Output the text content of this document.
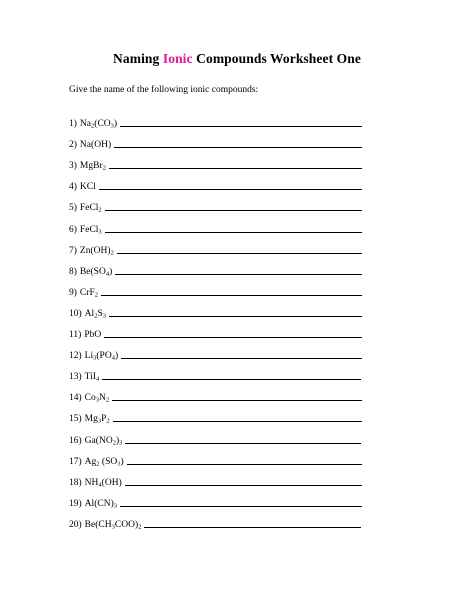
Naming Ionic Compounds Worksheet One
Give the name of the following ionic compounds:
1) $Na_2(CO_3)$
2) Na(OH)
3) MgBr$_2$
4) KCl
5) FeCl$_2$
6) FeCl$_3$
7) $Zn(OH)_2$
8) $Be(SO_4)$
9) CrF$_2$
10) $Al_2S_3$
11) PbO
12) $Li_3(PO_4)$
13) TiI$_4$
14) $Co_3N_2$
15) $Mg_3P_2$
16) $Ga(NO_2)_3$
17) $Ag_2$ $(SO_3)$
18) $NH_4(OH)$
19) $Al(CN)_3$
20) $Be(CH_3COO)_2$
